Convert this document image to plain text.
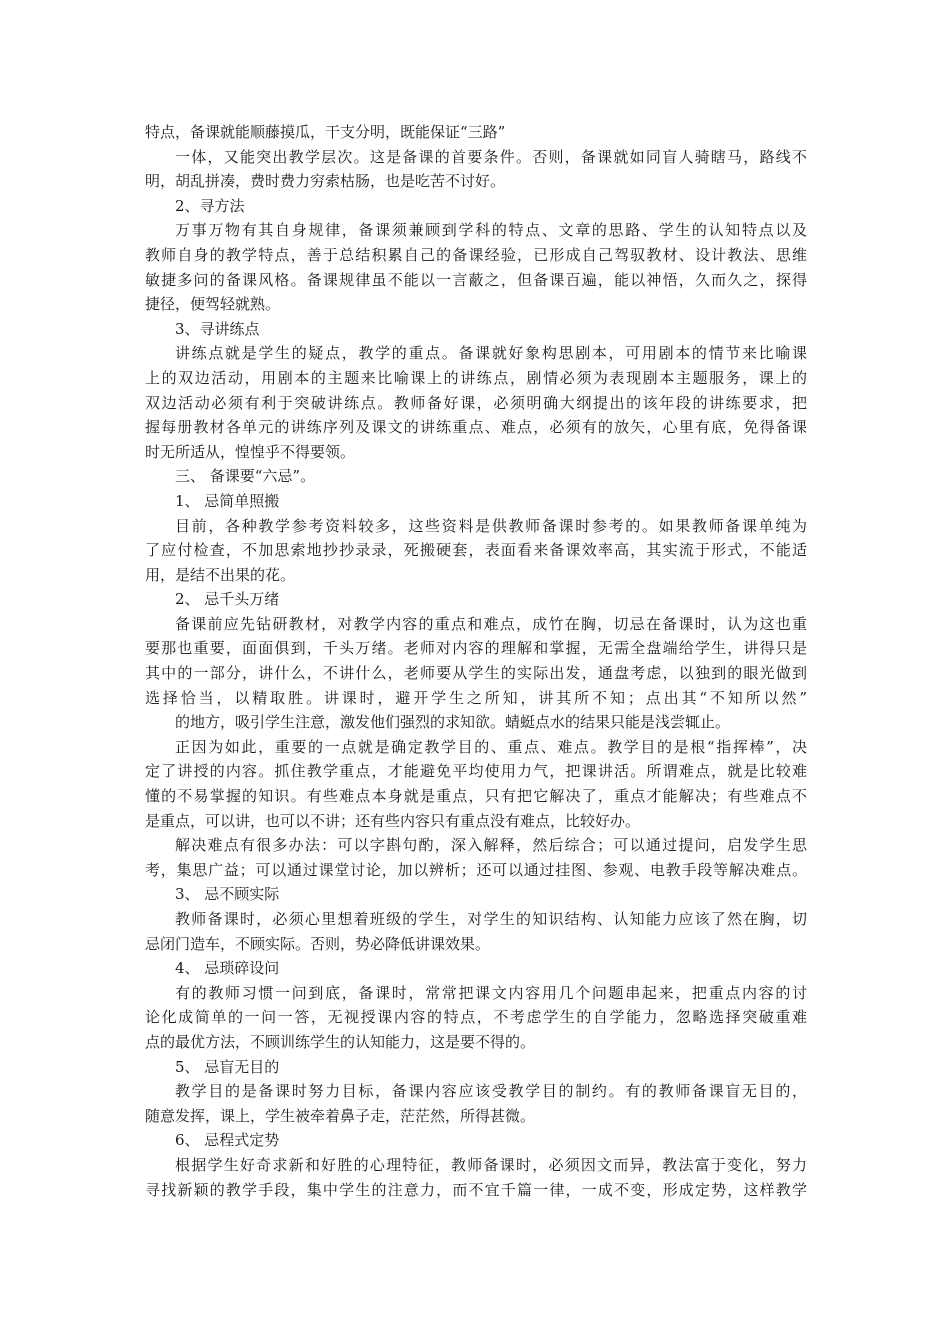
特点，备课就能顺藤摸瓜，干支分明，既能保证“三路”
一体，又能突出教学层次。这是备课的首要条件。否则，备课就如同盲人骑瞎马，路线不
明，胡乱拼凑，费时费力穷索枯肠，也是吃苦不讨好。
2、寻方法
万事万物有其自身规律，备课须兼顾到学科的特点、文章的思路、学生的认知特点以及
教师自身的教学特点，善于总结积累自己的备课经验，已形成自己驾驭教材、设计教法、思维
敏捷多问的备课风格。备课规律虽不能以一言蔽之，但备课百遍，能以神悟，久而久之，探得
捷径，便驾轻就熟。
3、寻讲练点
讲练点就是学生的疑点，教学的重点。备课就好象构思剧本，可用剧本的情节来比喻课
上的双边活动，用剧本的主题来比喻课上的讲练点，剧情必须为表现剧本主题服务，课上的
双边活动必须有利于突破讲练点。教师备好课，必须明确大纲提出的该年段的讲练要求，把
握每册教材各单元的讲练序列及课文的讲练重点、难点，必须有的放矢，心里有底，免得备课
时无所适从，惶惶乎不得要领。
三、 备课要“六忌”。
1、 忌简单照搬
目前，各种教学参考资料较多，这些资料是供教师备课时参考的。如果教师备课单纯为
了应付检查，不加思索地抄抄录录，死搬硬套，表面看来备课效率高，其实流于形式，不能适
用，是结不出果的花。
2、 忌千头万绪
备课前应先钻研教材，对教学内容的重点和难点，成竹在胸，切忌在备课时，认为这也重
要那也重要，面面俱到，千头万绪。老师对内容的理解和掌握，无需全盘端给学生，讲得只是
其中的一部分，讲什么，不讲什么，老师要从学生的实际出发，通盘考虑，以独到的眼光做到
选择恰当，以精取胜。讲课时，避开学生之所知，讲其所不知；点出其“不知所以然”
的地方，吸引学生注意，激发他们强烈的求知欲。蜻蜓点水的结果只能是浅尝辄止。
正因为如此，重要的一点就是确定教学目的、重点、难点。教学目的是根“指挥棒”，决
定了讲授的内容。抓住教学重点，才能避免平均使用力气，把课讲活。所谓难点，就是比较难
懂的不易掌握的知识。有些难点本身就是重点，只有把它解决了，重点才能解决；有些难点不
是重点，可以讲，也可以不讲；还有些内容只有重点没有难点，比较好办。
解决难点有很多办法：可以字斟句酌，深入解释，然后综合；可以通过提问，启发学生思
考，集思广益；可以通过课堂讨论，加以辨析；还可以通过挂图、参观、电教手段等解决难点。
3、 忌不顾实际
教师备课时，必须心里想着班级的学生，对学生的知识结构、认知能力应该了然在胸，切
忌闭门造车，不顾实际。否则，势必降低讲课效果。
4、 忌琐碎设问
有的教师习惯一问到底，备课时，常常把课文内容用几个问题串起来，把重点内容的讨
论化成简单的一问一答，无视授课内容的特点，不考虑学生的自学能力，忽略选择突破重难
点的最优方法，不顾训练学生的认知能力，这是要不得的。
5、 忌盲无目的
教学目的是备课时努力目标，备课内容应该受教学目的制约。有的教师备课盲无目的，
随意发挥，课上，学生被牵着鼻子走，茫茫然，所得甚微。
6、 忌程式定势
根据学生好奇求新和好胜的心理特征，教师备课时，必须因文而异，教法富于变化，努力
寻找新颖的教学手段，集中学生的注意力，而不宜千篇一律，一成不变，形成定势，这样教学
